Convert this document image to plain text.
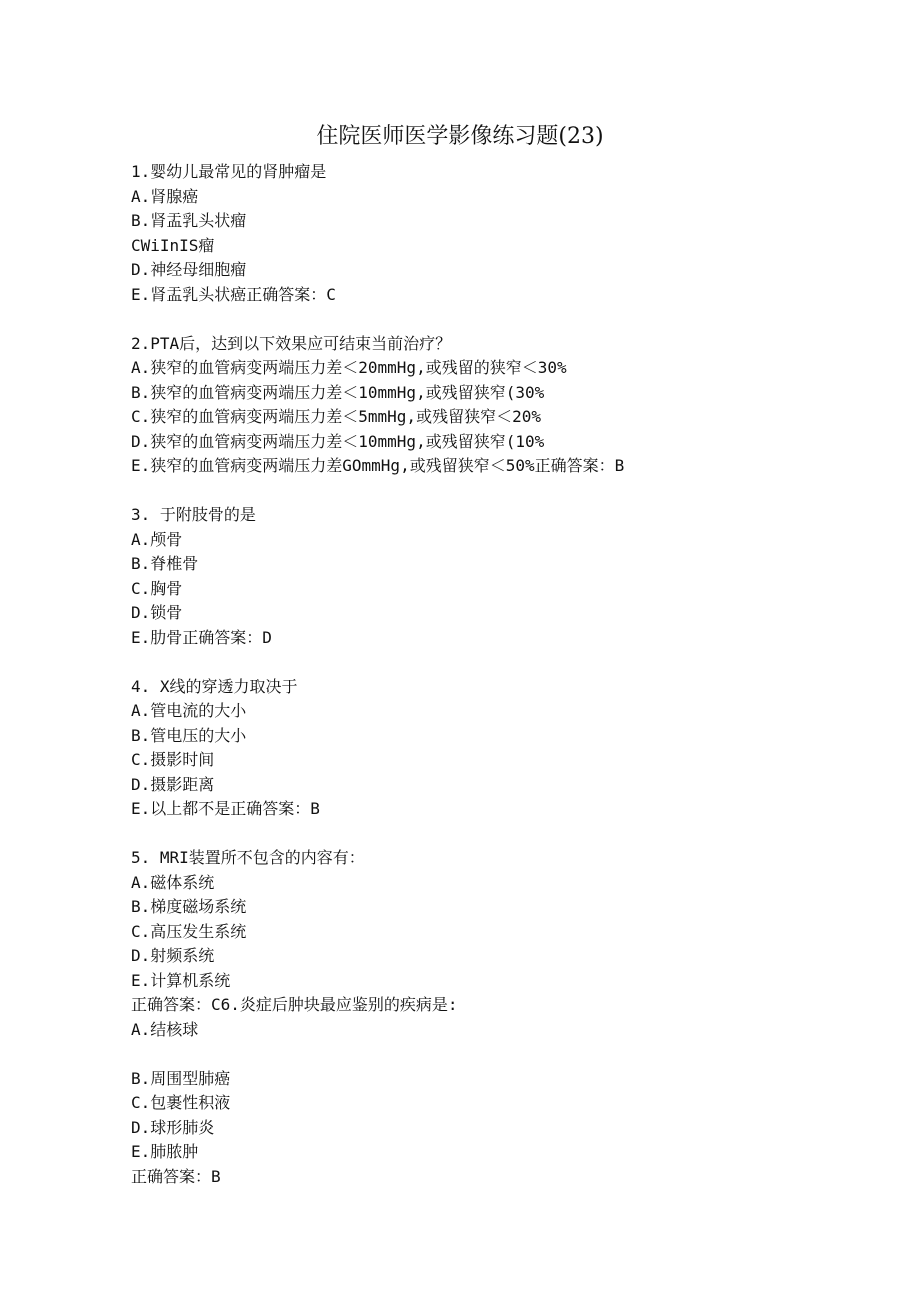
住院医师医学影像练习题(23)
1.婴幼儿最常见的肾肿瘤是
A.肾腺癌
B.肾盂乳头状瘤
CWiInIS瘤
D.神经母细胞瘤
E.肾盂乳头状癌正确答案：C
2.PTA后，达到以下效果应可结束当前治疗？
A.狭窄的血管病变两端压力差＜20mmHg,或残留的狭窄＜30%
B.狭窄的血管病变两端压力差＜10mmHg,或残留狭窄(30%
C.狭窄的血管病变两端压力差＜5mmHg,或残留狭窄＜20%
D.狭窄的血管病变两端压力差＜10mmHg,或残留狭窄(10%
E.狭窄的血管病变两端压力差GOmmHg,或残留狭窄＜50%正确答案：B
3. 于附肢骨的是
A.颅骨
B.脊椎骨
C.胸骨
D.锁骨
E.肋骨正确答案：D
4. X线的穿透力取决于
A.管电流的大小
B.管电压的大小
C.摄影时间
D.摄影距离
E.以上都不是正确答案：B
5. MRI装置所不包含的内容有：
A.磁体系统
B.梯度磁场系统
C.高压发生系统
D.射频系统
E.计算机系统
正确答案：C6.炎症后肿块最应鉴别的疾病是:
A.结核球
B.周围型肺癌
C.包裹性积液
D.球形肺炎
E.肺脓肿
正确答案：B
